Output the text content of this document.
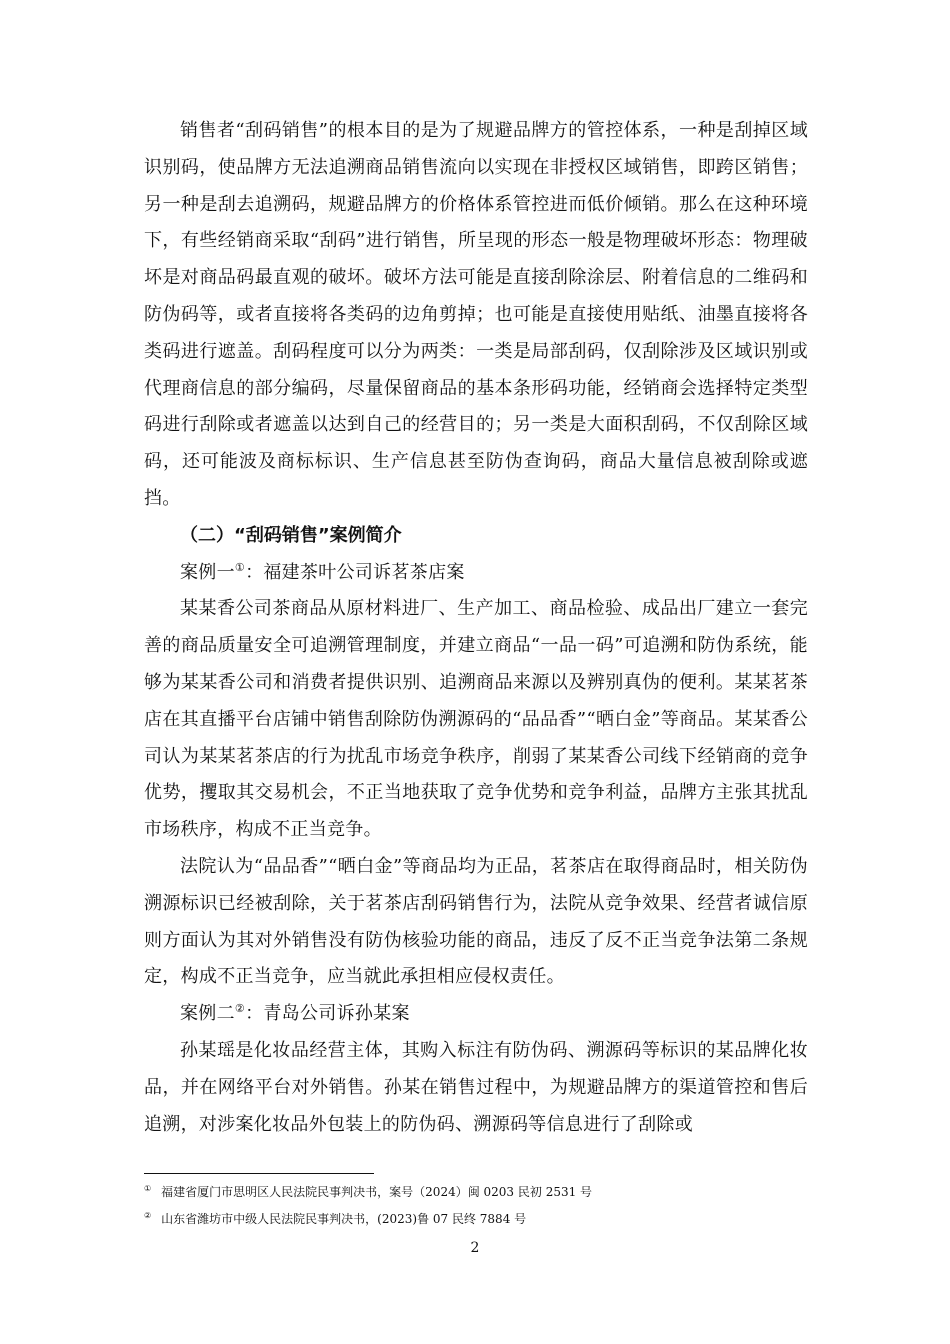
销售者“刮码销售”的根本目的是为了规避品牌方的管控体系，一种是刮掉区域识别码，使品牌方无法追溯商品销售流向以实现在非授权区域销售，即跨区销售；另一种是刮去追溯码，规避品牌方的价格体系管控进而低价倾销。那么在这种环境下，有些经销商采取“刮码”进行销售，所呈现的形态一般是物理破坏形态：物理破坏是对商品码最直观的破坏。破坏方法可能是直接刮除涂层、附着信息的二维码和防伪码等，或者直接将各类码的边角剪掉；也可能是直接使用贴纸、油墨直接将各类码进行遮盖。刮码程度可以分为两类：一类是局部刮码，仅刮除涉及区域识别或代理商信息的部分编码，尽量保留商品的基本条形码功能，经销商会选择特定类型码进行刮除或者遮盖以达到自己的经营目的；另一类是大面积刮码，不仅刮除区域码，还可能波及商标标识、生产信息甚至防伪查询码，商品大量信息被刮除或遮挡。

（二）“刮码销售”案例简介

案例一①：福建茶叶公司诉茗茶店案

某某香公司茶商品从原材料进厂、生产加工、商品检验、成品出厂建立一套完善的商品质量安全可追溯管理制度，并建立商品“一品一码”可追溯和防伪系统，能够为某某香公司和消费者提供识别、追溯商品来源以及辨别真伪的便利。某某茗茶店在其直播平台店铺中销售刮除防伪溯源码的“品品香”“晒白金”等商品。某某香公司认为某某茗茶店的行为扰乱市场竞争秩序，削弱了某某香公司线下经销商的竞争优势，攫取其交易机会，不正当地获取了竞争优势和竞争利益，品牌方主张其扰乱市场秩序，构成不正当竞争。

法院认为“品品香”“晒白金”等商品均为正品，茗茶店在取得商品时，相关防伪溯源标识已经被刮除，关于茗茶店刮码销售行为，法院从竞争效果、经营者诚信原则方面认为其对外销售没有防伪核验功能的商品，违反了反不正当竞争法第二条规定，构成不正当竞争，应当就此承担相应侵权责任。

案例二②：青岛公司诉孙某案

孙某瑶是化妆品经营主体，其购入标注有防伪码、溯源码等标识的某品牌化妆品，并在网络平台对外销售。孙某在销售过程中，为规避品牌方的渠道管控和售后追溯，对涉案化妆品外包装上的防伪码、溯源码等信息进行了刮除或

① 福建省厦门市思明区人民法院民事判决书，案号（2024）闽 0203 民初 2531 号

② 山东省潍坊市中级人民法院民事判决书，(2023)鲁 07 民终 7884 号

2
